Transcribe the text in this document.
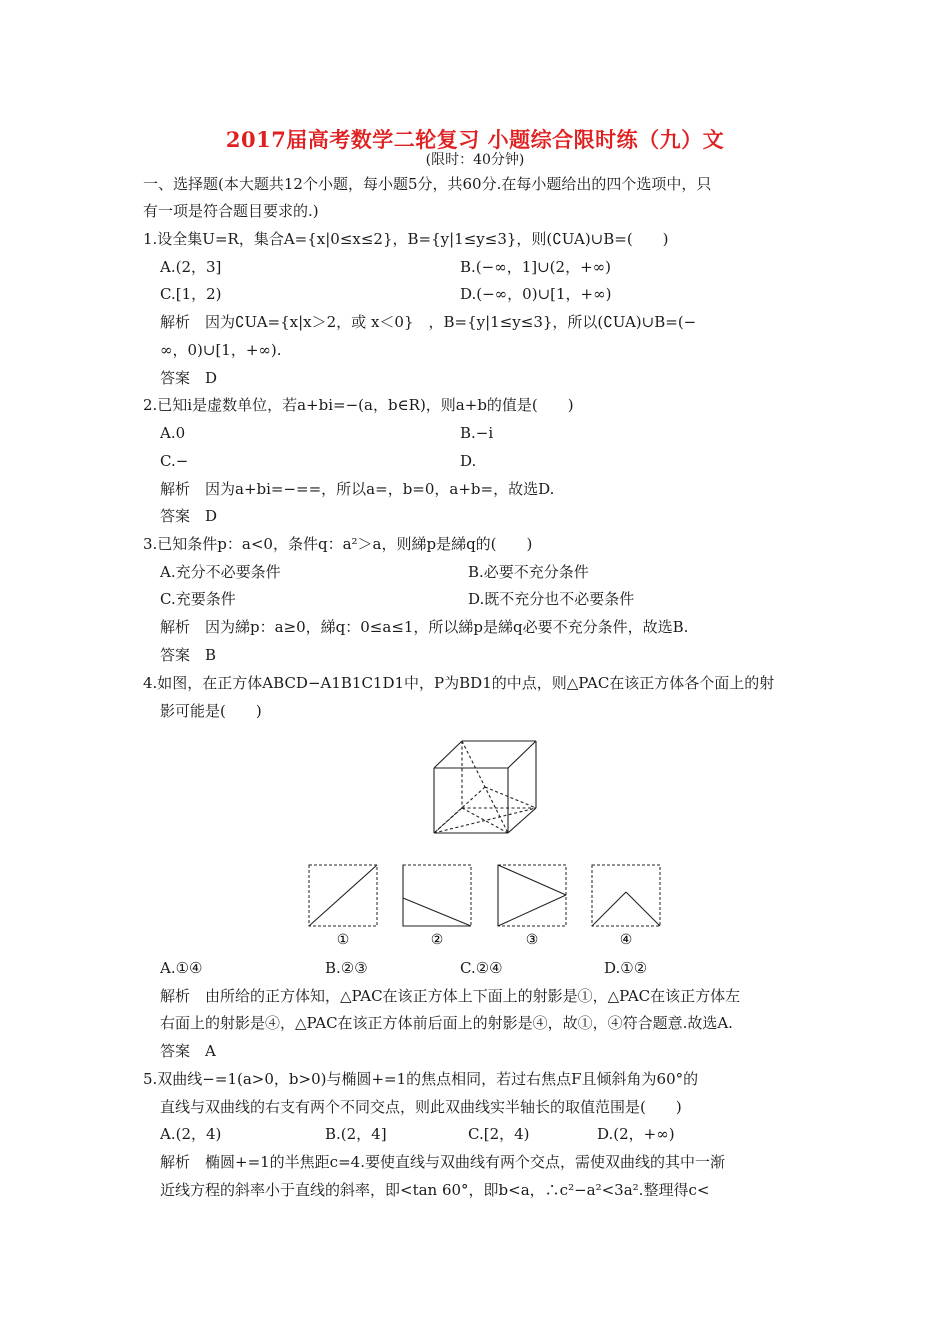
2017届高考数学二轮复习 小题综合限时练（九）文
(限时：40分钟)
一、选择题(本大题共12个小题，每小题5分，共60分.在每小题给出的四个选项中，只
有一项是符合题目要求的.)
1.设全集U=R，集合A={x|0≤x≤2}，B={y|1≤y≤3}，则(∁UA)∪B=(　　)
A.(2，3]	B.(−∞，1]∪(2，+∞)
C.[1，2)	D.(−∞，0)∪[1，+∞)
解析　因为∁UA={x|x＞2，或 x＜0}　，B={y|1≤y≤3}，所以(∁UA)∪B=(−
∞，0)∪[1，+∞).
答案　D
2.已知i是虚数单位，若a+bi=−(a，b∈R)，则a+b的值是(　　)
A.0	B.−i
C.−	D.
解析　因为a+bi=−==，所以a=，b=0，a+b=，故选D.
答案　D
3.已知条件p：a<0，条件q：a²＞a，则綈p是綈q的(　　)
A.充分不必要条件	B.必要不充分条件
C.充要条件	D.既不充分也不必要条件
解析　因为綈p：a≥0，綈q：0≤a≤1，所以綈p是綈q必要不充分条件，故选B.
答案　B
4.如图，在正方体ABCD−A1B1C1D1中，P为BD1的中点，则△PAC在该正方体各个面上的射
影可能是(　　)
①	②	③	④
A.①④	B.②③	C.②④	D.①②
解析　由所给的正方体知，△PAC在该正方体上下面上的射影是①，△PAC在该正方体左
右面上的射影是④，△PAC在该正方体前后面上的射影是④，故①，④符合题意.故选A.
答案　A
5.双曲线−=1(a>0，b>0)与椭圆+=1的焦点相同，若过右焦点F且倾斜角为60°的
直线与双曲线的右支有两个不同交点，则此双曲线实半轴长的取值范围是(　　)
A.(2，4)	B.(2，4]	C.[2，4)	D.(2，+∞)
解析　椭圆+=1的半焦距c=4.要使直线与双曲线有两个交点，需使双曲线的其中一渐
近线方程的斜率小于直线的斜率，即<tan 60°，即b<a，∴c²−a²<3a².整理得c<
